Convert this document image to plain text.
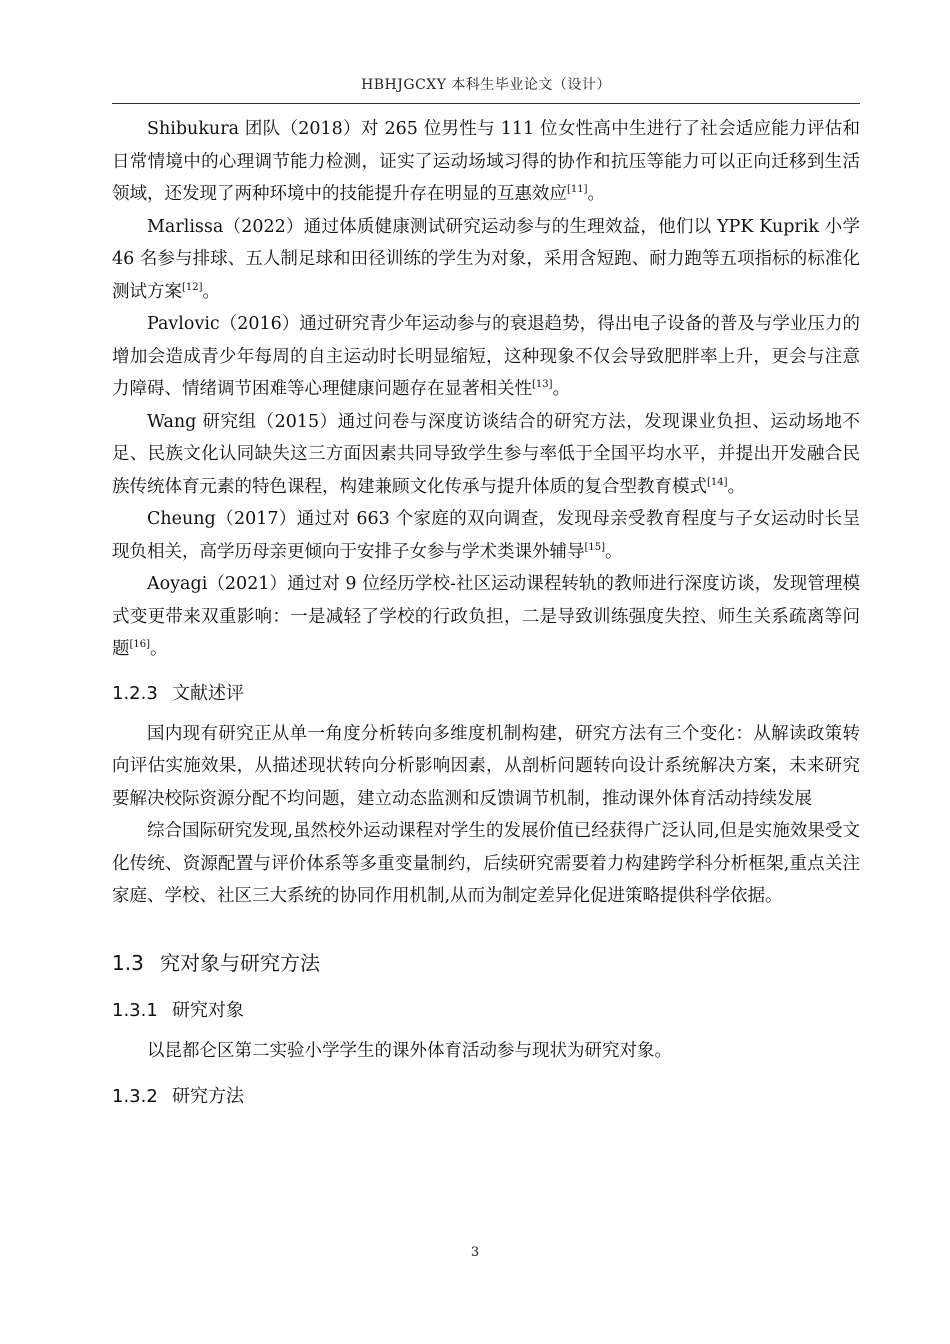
HBHJGCXY 本科生毕业论文（设计）

Shibukura 团队（2018）对 265 位男性与 111 位女性高中生进行了社会适应能力评估和日常情境中的心理调节能力检测，证实了运动场域习得的协作和抗压等能力可以正向迁移到生活领域，还发现了两种环境中的技能提升存在明显的互惠效应[11]。

Marlissa（2022）通过体质健康测试研究运动参与的生理效益，他们以 YPK Kuprik 小学 46 名参与排球、五人制足球和田径训练的学生为对象，采用含短跑、耐力跑等五项指标的标准化测试方案[12]。

Pavlovic（2016）通过研究青少年运动参与的衰退趋势，得出电子设备的普及与学业压力的增加会造成青少年每周的自主运动时长明显缩短，这种现象不仅会导致肥胖率上升，更会与注意力障碍、情绪调节困难等心理健康问题存在显著相关性[13]。

Wang 研究组（2015）通过问卷与深度访谈结合的研究方法，发现课业负担、运动场地不足、民族文化认同缺失这三方面因素共同导致学生参与率低于全国平均水平，并提出开发融合民族传统体育元素的特色课程，构建兼顾文化传承与提升体质的复合型教育模式[14]。

Cheung（2017）通过对 663 个家庭的双向调查，发现母亲受教育程度与子女运动时长呈现负相关，高学历母亲更倾向于安排子女参与学术类课外辅导[15]。

Aoyagi（2021）通过对 9 位经历学校-社区运动课程转轨的教师进行深度访谈，发现管理模式变更带来双重影响：一是减轻了学校的行政负担，二是导致训练强度失控、师生关系疏离等问题[16]。

1.2.3 文献述评

国内现有研究正从单一角度分析转向多维度机制构建，研究方法有三个变化：从解读政策转向评估实施效果，从描述现状转向分析影响因素，从剖析问题转向设计系统解决方案，未来研究要解决校际资源分配不均问题，建立动态监测和反馈调节机制，推动课外体育活动持续发展

综合国际研究发现,虽然校外运动课程对学生的发展价值已经获得广泛认同,但是实施效果受文化传统、资源配置与评价体系等多重变量制约，后续研究需要着力构建跨学科分析框架,重点关注家庭、学校、社区三大系统的协同作用机制,从而为制定差异化促进策略提供科学依据。

1.3 究对象与研究方法
1.3.1 研究对象

以昆都仑区第二实验小学学生的课外体育活动参与现状为研究对象。

1.3.2 研究方法
3
